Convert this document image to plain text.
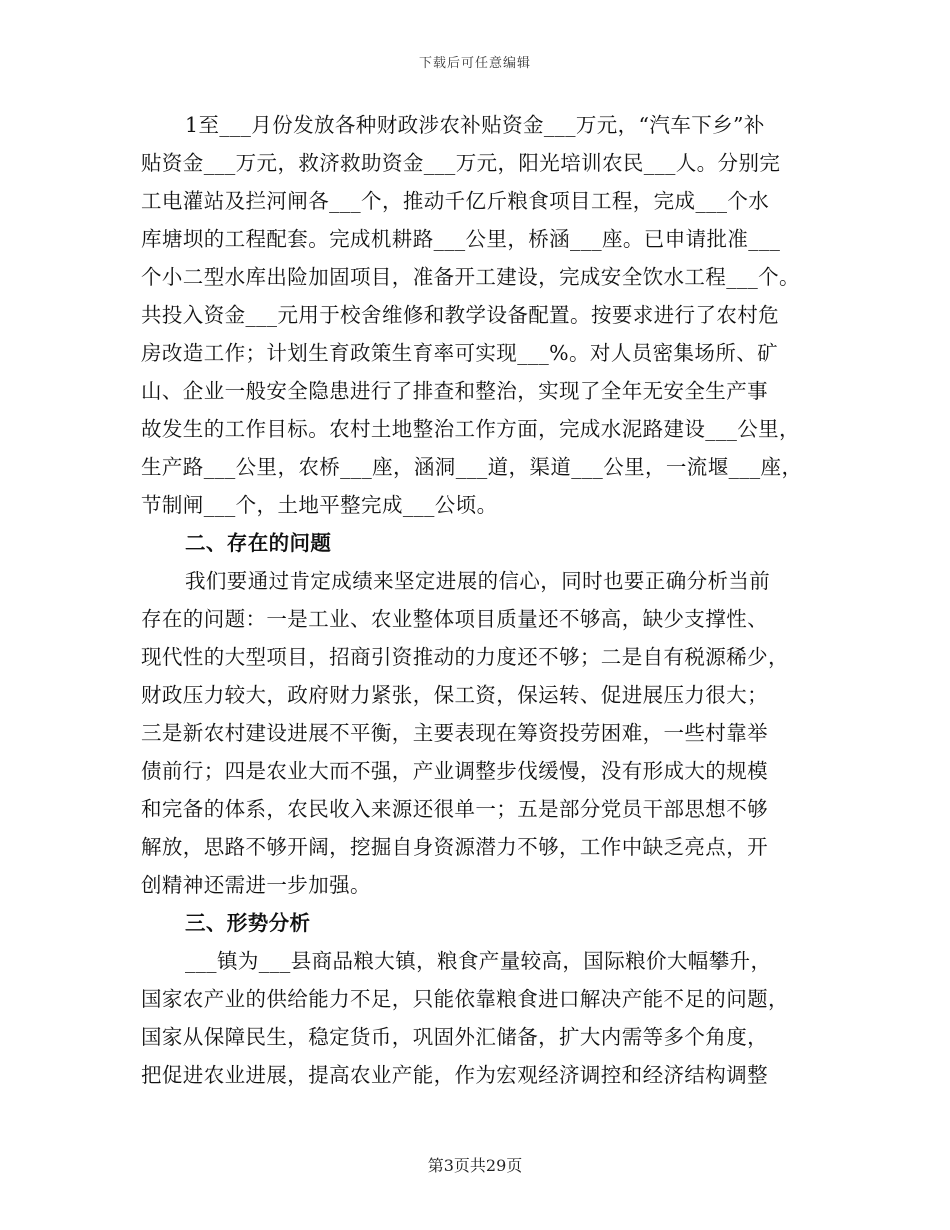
下载后可任意编辑
1至___月份发放各种财政涉农补贴资金___万元，“汽车下乡”补
贴资金___万元，救济救助资金___万元，阳光培训农民___人。分别完
工电灌站及拦河闸各___个，推动千亿斤粮食项目工程，完成___个水
库塘坝的工程配套。完成机耕路___公里，桥涵___座。已申请批准___
个小二型水库出险加固项目，准备开工建设，完成安全饮水工程___个。
共投入资金___元用于校舍维修和教学设备配置。按要求进行了农村危
房改造工作；计划生育政策生育率可实现___%。对人员密集场所、矿
山、企业一般安全隐患进行了排查和整治，实现了全年无安全生产事
故发生的工作目标。农村土地整治工作方面，完成水泥路建设___公里，
生产路___公里，农桥___座，涵洞___道，渠道___公里，一流堰___座，
节制闸___个，土地平整完成___公顷。
二、存在的问题
我们要通过肯定成绩来坚定进展的信心，同时也要正确分析当前
存在的问题：一是工业、农业整体项目质量还不够高，缺少支撑性、
现代性的大型项目，招商引资推动的力度还不够；二是自有税源稀少，
财政压力较大，政府财力紧张，保工资，保运转、促进展压力很大；
三是新农村建设进展不平衡，主要表现在筹资投劳困难，一些村靠举
债前行；四是农业大而不强，产业调整步伐缓慢，没有形成大的规模
和完备的体系，农民收入来源还很单一；五是部分党员干部思想不够
解放，思路不够开阔，挖掘自身资源潜力不够，工作中缺乏亮点，开
创精神还需进一步加强。
三、形势分析
___镇为___县商品粮大镇，粮食产量较高，国际粮价大幅攀升，
国家农产业的供给能力不足，只能依靠粮食进口解决产能不足的问题，
国家从保障民生，稳定货币，巩固外汇储备，扩大内需等多个角度，
把促进农业进展，提高农业产能，作为宏观经济调控和经济结构调整
第3页共29页
